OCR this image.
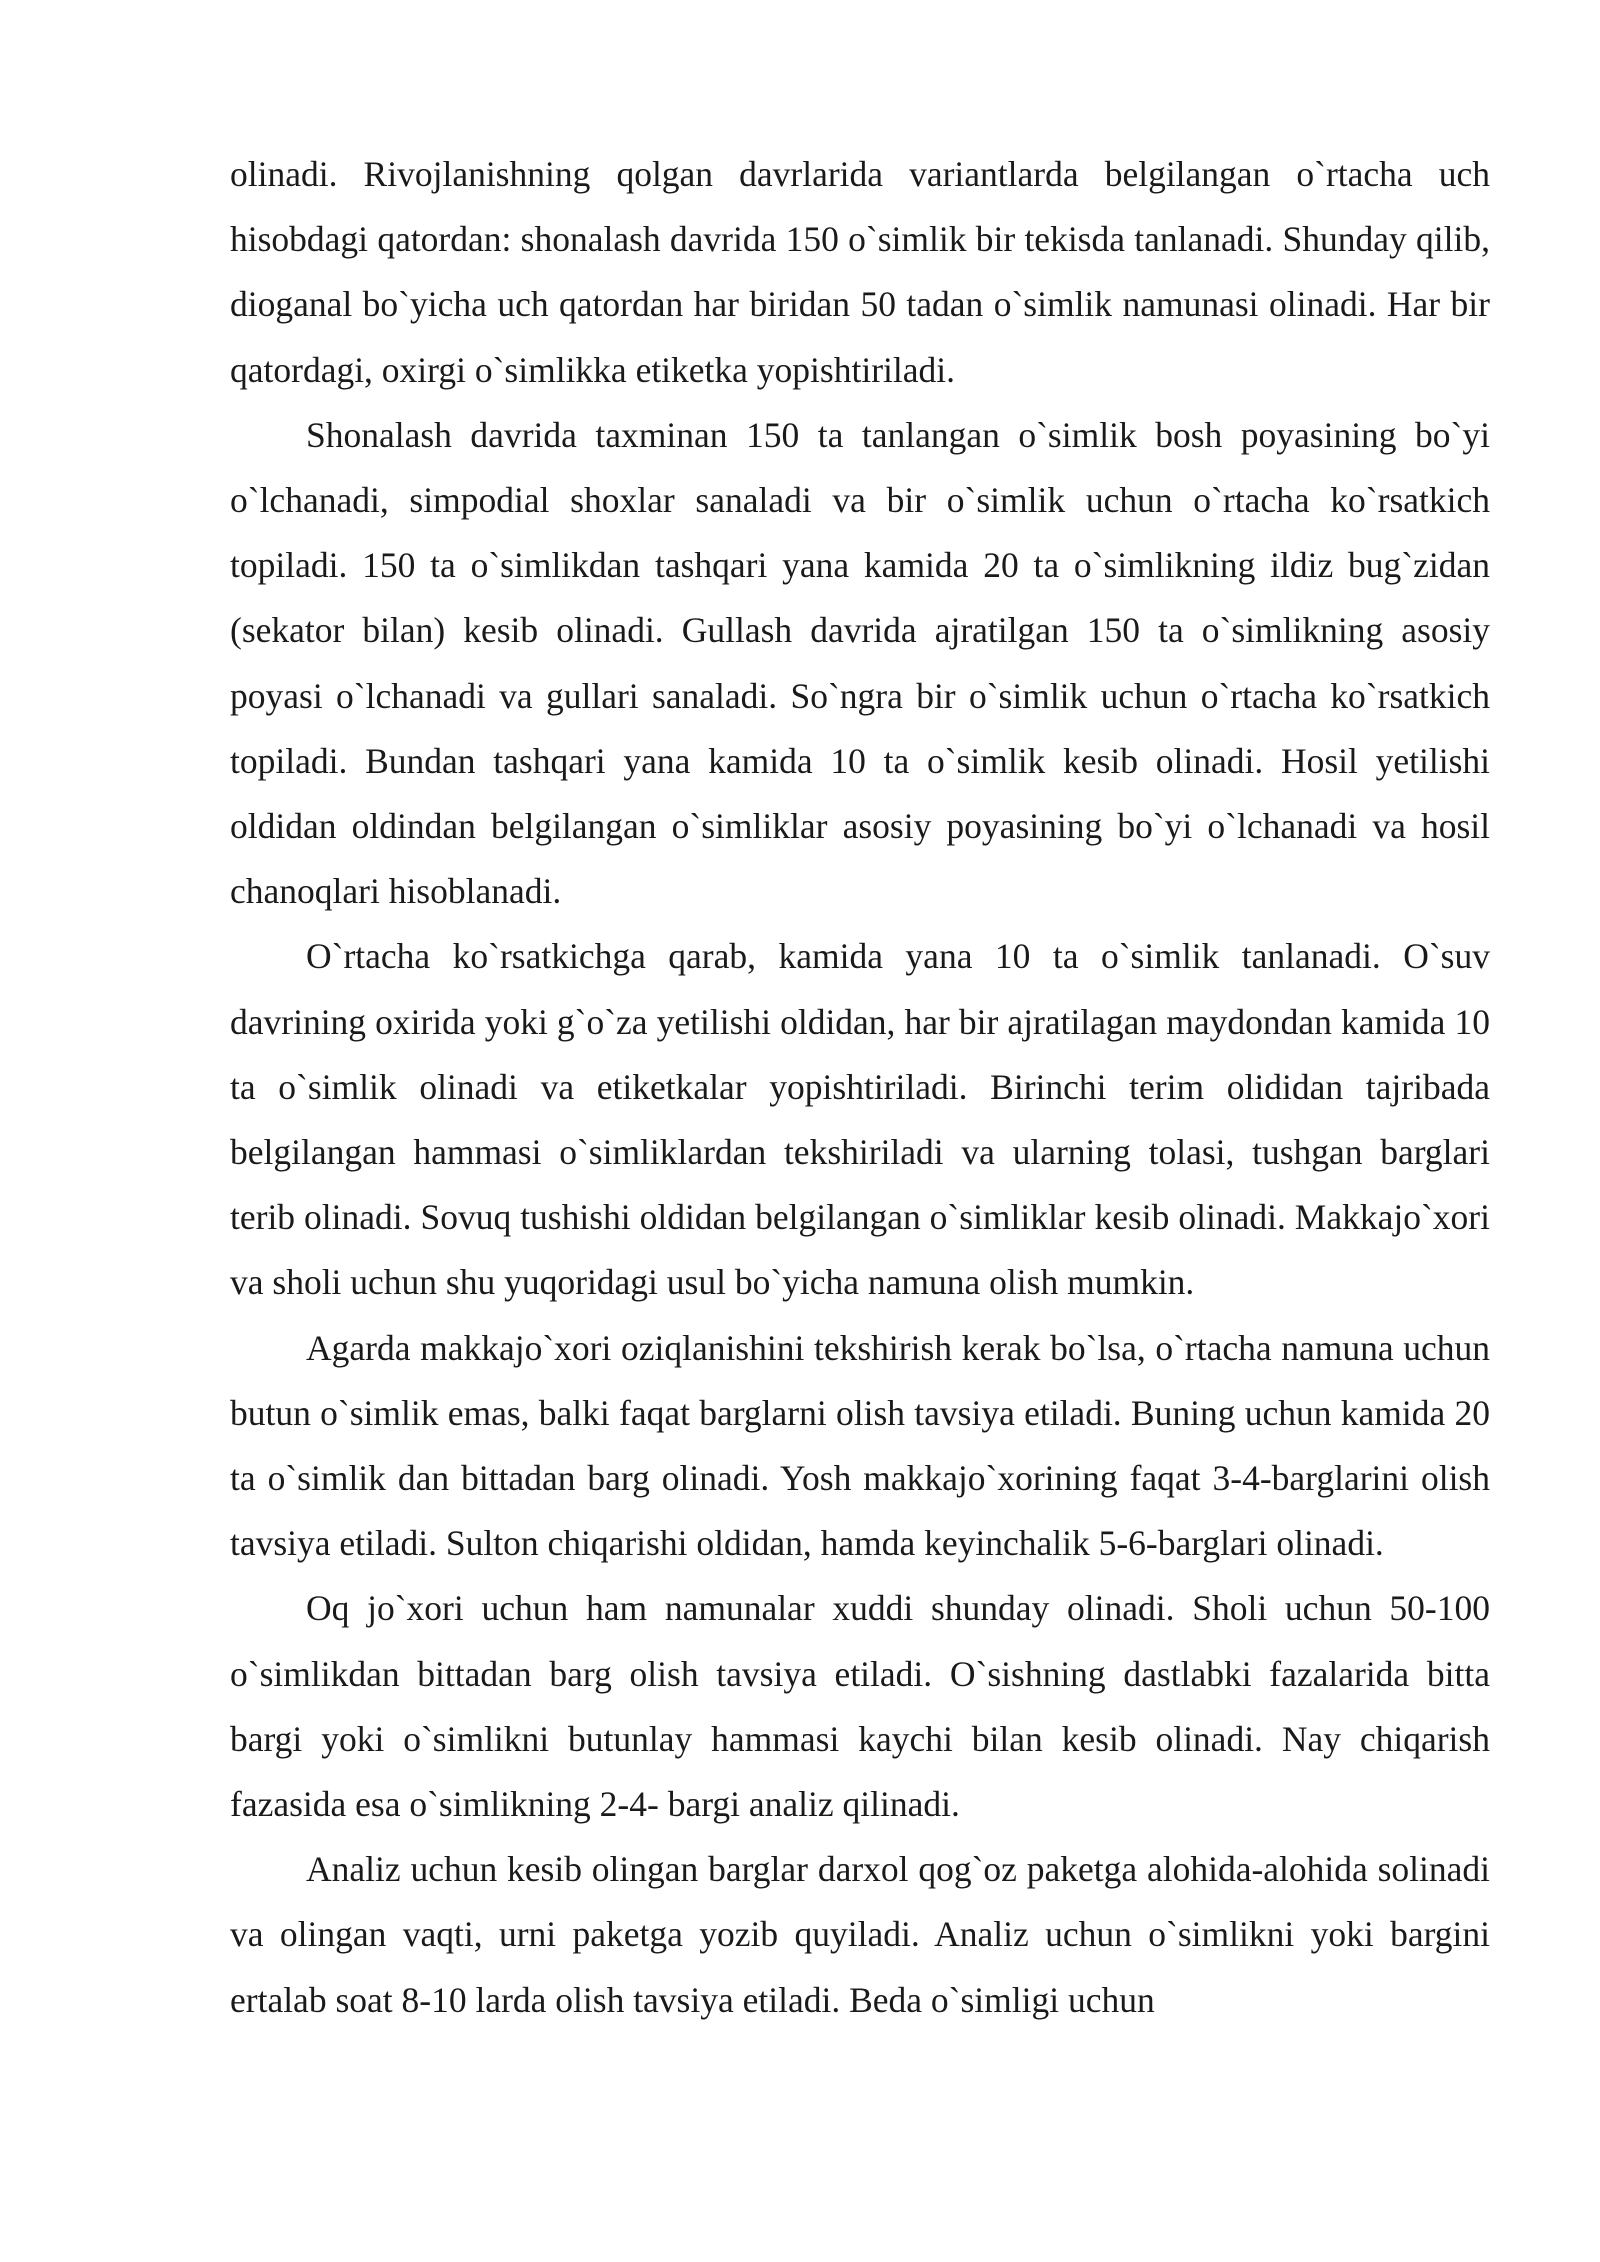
olinadi. Rivojlanishning qolgan davrlarida variantlarda belgilangan o`rtacha uch hisobdagi qatordan: shonalash davrida 150 o`simlik bir tekisda tanlanadi. Shunday qilib, dioganal bo`yicha uch qatordan har biridan 50 tadan o`simlik namunasi olinadi. Har bir qatordagi, oxirgi o`simlikka etiketka yopishtiriladi.

Shonalash davrida taxminan 150 ta tanlangan o`simlik bosh poyasining bo`yi o`lchanadi, simpodial shoxlar sanaladi va bir o`simlik uchun o`rtacha ko`rsatkich topiladi. 150 ta o`simlikdan tashqari yana kamida 20 ta o`simlikning ildiz bug`zidan (sekator bilan) kesib olinadi. Gullash davrida ajratilgan 150 ta o`simlikning asosiy poyasi o`lchanadi va gullari sanaladi. So`ngra bir o`simlik uchun o`rtacha ko`rsatkich topiladi. Bundan tashqari yana kamida 10 ta o`simlik kesib olinadi. Hosil yetilishi oldidan oldindan belgilangan o`simliklar asosiy poyasining bo`yi o`lchanadi va hosil chanoqlari hisoblanadi.

O`rtacha ko`rsatkichga qarab, kamida yana 10 ta o`simlik tanlanadi. O`suv davrining oxirida yoki g`o`za yetilishi oldidan, har bir ajratilagan maydondan kamida 10 ta o`simlik olinadi va etiketkalar yopishtiriladi. Birinchi terim olididan tajribada belgilangan hammasi o`simliklardan tekshiriladi va ularning tolasi, tushgan barglari terib olinadi. Sovuq tushishi oldidan belgilangan o`simliklar kesib olinadi. Makkajo`xori va sholi uchun shu yuqoridagi usul bo`yicha namuna olish mumkin.

Agarda makkajo`xori oziqlanishini tekshirish kerak bo`lsa, o`rtacha namuna uchun butun o`simlik emas, balki faqat barglarni olish tavsiya etiladi. Buning uchun kamida 20 ta o`simlik dan bittadan barg olinadi. Yosh makkajo`xorining faqat 3-4-barglarini olish tavsiya etiladi. Sulton chiqarishi oldidan, hamda keyinchalik 5-6-barglari olinadi.

Oq jo`xori uchun ham namunalar xuddi shunday olinadi. Sholi uchun 50-100 o`simlikdan bittadan barg olish tavsiya etiladi. O`sishning dastlabki fazalarida bitta bargi yoki o`simlikni butunlay hammasi kaychi bilan kesib olinadi. Nay chiqarish fazasida esa o`simlikning 2-4- bargi analiz qilinadi.

Analiz uchun kesib olingan barglar darxol qog`oz paketga alohida-alohida solinadi va olingan vaqti, urni paketga yozib quyiladi. Analiz uchun o`simlikni yoki bargini ertalab soat 8-10 larda olish tavsiya etiladi. Beda o`simligi uchun
